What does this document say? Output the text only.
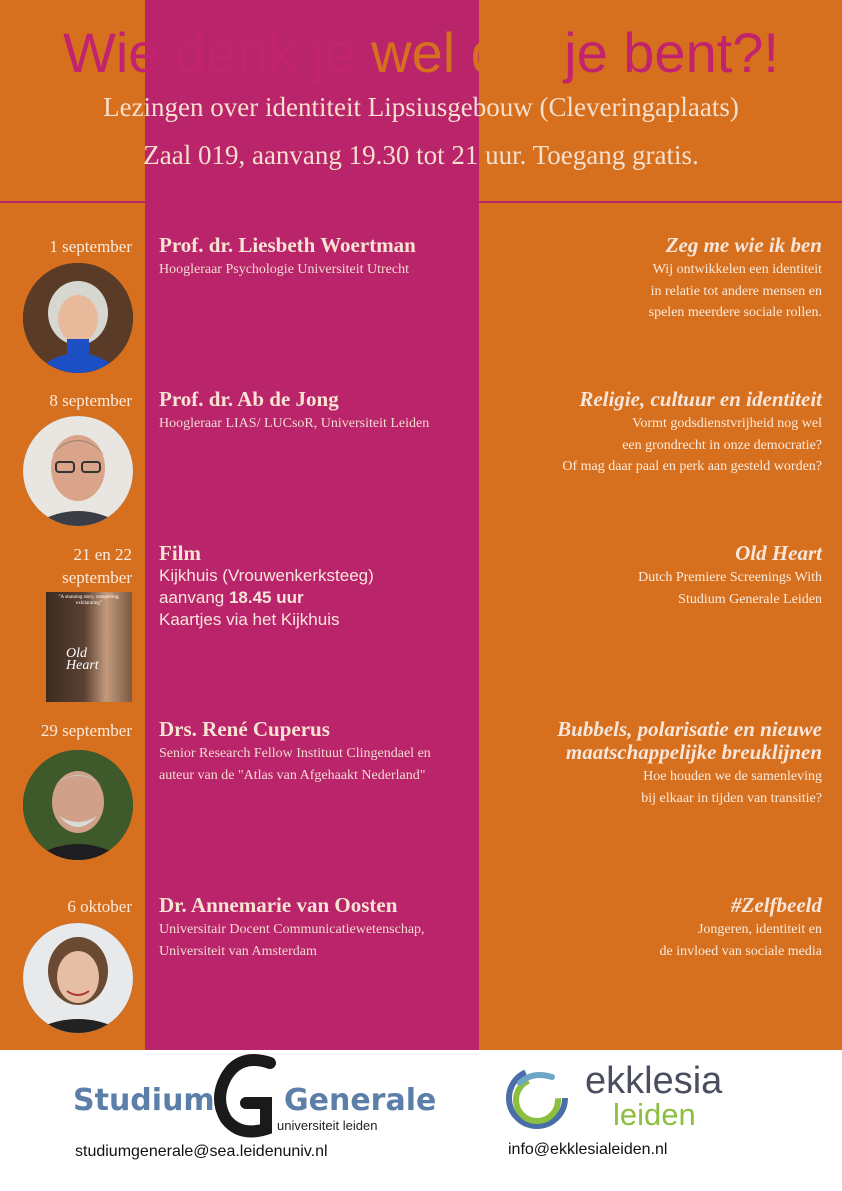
Wie denk je wel dat je bent?!
Lezingen over identiteit Lipsiusgebouw (Cleveringaplaats)
Zaal 019, aanvang 19.30 tot 21 uur. Toegang gratis.
1 september Prof. dr. Liesbeth Woertman
Hoogleraar Psychologie Universiteit Utrecht
Zeg me wie ik ben
Wij ontwikkelen een identiteit
in relatie tot andere mensen en
spelen meerdere sociale rollen.
8 september Prof. dr. Ab de Jong
Hoogleraar LIAS/ LUCsoR, Universiteit Leiden
Religie, cultuur en identiteit
Vormt godsdienstvrijheid nog wel
een grondrecht in onze democratie?
Of mag daar paal en perk aan gesteld worden?
21 en 22
september
"A stunning story, compelling, exhilarating"
Old
Heart
Film
Kijkhuis (Vrouwenkerksteeg)
aanvang 18.45 uur
Kaartjes via het Kijkhuis
Old Heart
Dutch Premiere Screenings With
Studium Generale Leiden
29 september Drs. René Cuperus
Senior Research Fellow Instituut Clingendael en
auteur van de "Atlas van Afgehaakt Nederland"
Bubbels, polarisatie en nieuwe
maatschappelijke breuklijnen
Hoe houden we de samenleving
bij elkaar in tijden van transitie?
6 oktober Dr. Annemarie van Oosten
Universitair Docent Communicatiewetenschap,
Universiteit van Amsterdam
#Zelfbeeld
Jongeren, identiteit en
de invloed van sociale media
Studium Generale
universiteit leiden
studiumgenerale@sea.leidenuniv.nl
ekklesia
leiden
info@ekklesialeiden.nl
